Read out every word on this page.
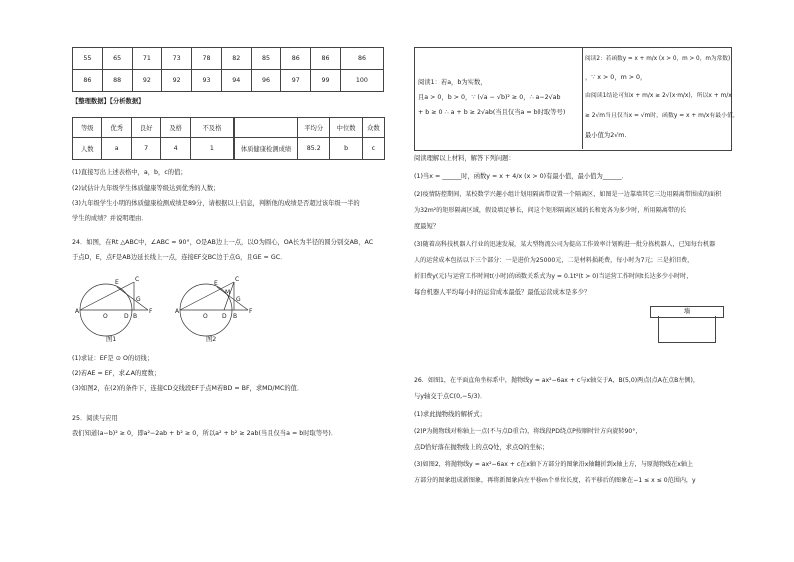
55	65	71	73	78	82	85	86	86	86
86	88	92	92	93	94	96	97	99	100
【整理数据】【分析数据】
等级	优秀	良好	及格	不及格
人数	a	7	4	1
	平均分	中位数	众数
体质健康检测成绩	85.2	b	c
(1)直接写出上述表格中，a，b，c的值；
(2)试估计九年级学生体质健康等级达到优秀的人数；
(3)九年级学生小明的体质健康检测成绩是89分，请根据以上信息，判断他的成绩是否超过该年级一半的
学生的成绩？并说明理由．
24．如图，在Rt △ABC中，∠ABC = 90°，O是AB边上一点，以O为圆心，OA长为半径的圆分别交AB，AC
于点D，E，点F是AB边延长线上一点，连接EF交BC边于点G，且GE = GC．
A
O	D B
F
E	C
G
图1
A
O D B
F
E
C
M
G
图2
(1)求证：EF是 ⊙ O的切线；
(2)若AE = EF，求∠A的度数；
(3)如图2，在(2)的条件下，连接CD交线段EF于点M若BD = BF，求MD/MC的值．
25．阅读与应用
我们知道(a−b)² ≥ 0，即a²−2ab + b² ≥ 0，所以a² + b² ≥ 2ab(当且仅当a = b时取等号)．
阅读1：若a，b为实数，
且a > 0，b > 0，∵ (√a − √b)² ≥ 0，∴ a−2√ab
+ b ≥ 0 ∴ a + b ≥ 2√ab(当且仅当a = b时取等号)
阅读2：若函数y = x + m/x (x > 0，m > 0，m为常数)
，∵ x > 0，m > 0，
由阅读1结论可知x + m/x ≥ 2√(x·m/x)，所以x + m/x
≥ 2√m当且仅当x = √m时，函数y = x + m/x有最小值，
最小值为2√m.
阅读理解以上材料，解答下列问题：
(1)当x = ______时，函数y = x + 4/x (x > 0)有最小值，最小值为______．
(2)疫情防控期间，某校数学兴趣小组计划用隔离带设置一个隔离区，如图是一边靠墙其它三边用隔离带围成的面积
为32m²的矩形隔离区域，假设墙足够长，问这个矩形隔离区域的长和宽各为多少时，所用隔离带的长
度最短？
(3)随着高科技机器人行业的迅速发展，某大型物流公司为提高工作效率计划购进一批分拣机器人，已知每台机器
人的运营成本包括以下三个部分：一是进价为25000元，二是材料损耗费，每小时为7元；三是折旧费，
折旧费y(元)与运营工作时间t(小时)的函数关系式为y = 0.1t²(t > 0)当运营工作时间t长达多少小时时，
每台机器人平均每小时的运营成本最低？最低运营成本是多少？
墙
26．如图1，在平面直角坐标系中，抛物线y = ax²−6ax + c与x轴交于A，B(5,0)两点(点A在点B左侧)，
与y轴交于点C(0,−5/3)．
(1)求此抛物线的解析式；
(2)P为抛物线对称轴上一点(不与点D重合)，将线段PD绕点P按顺时针方向旋转90°，
点D恰好落在抛物线上的点Q处，求点Q的坐标；
(3)如图2，将抛物线y = ax²−6ax + c在x轴下方部分的图象沿x轴翻折到x轴上方，与原抛物线在x轴上
方部分的图象组成新图象，再将新图象向左平移m个单位长度，若平移后的图象在−1 ≤ x ≤ 0范围内，y
